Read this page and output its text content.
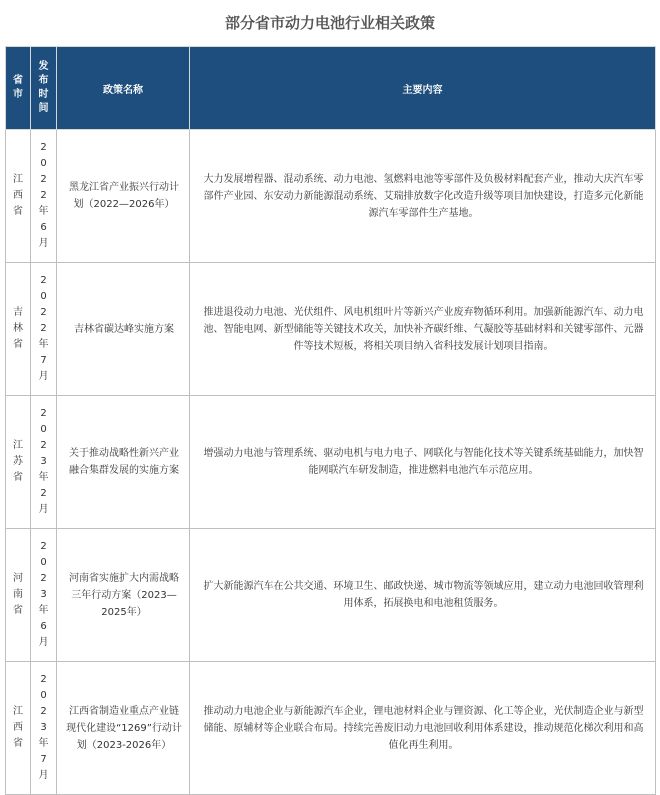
部分省市动力电池行业相关政策
省市	发布时间	政策名称	主要内容

江西省	2022年6月	黑龙江省产业振兴行动计划（2022—2026年）	大力发展增程器、混动系统、动力电池、氢燃料电池等零部件及负极材料配套产业，推动大庆汽车零部件产业园、东安动力新能源混动系统、艾瑞排放数字化改造升级等项目加快建设，打造多元化新能源汽车零部件生产基地。

吉林省	2022年7月	吉林省碳达峰实施方案	推进退役动力电池、光伏组件、风电机组叶片等新兴产业废弃物循环利用。加强新能源汽车、动力电池、智能电网、新型储能等关键技术攻关，加快补齐碳纤维、气凝胶等基础材料和关键零部件、元器件等技术短板，将相关项目纳入省科技发展计划项目指南。

江苏省	2023年2月	关于推动战略性新兴产业融合集群发展的实施方案	增强动力电池与管理系统、驱动电机与电力电子、网联化与智能化技术等关键系统基础能力，加快智能网联汽车研发制造，推进燃料电池汽车示范应用。

河南省	2023年6月	河南省实施扩大内需战略三年行动方案（2023—2025年）	扩大新能源汽车在公共交通、环境卫生、邮政快递、城市物流等领域应用，建立动力电池回收管理利用体系，拓展换电和电池租赁服务。

江西省	2023年7月	江西省制造业重点产业链现代化建设“1269”行动计划（2023-2026年）	推动动力电池企业与新能源汽车企业，锂电池材料企业与锂资源、化工等企业，光伏制造企业与新型储能、原辅材等企业联合布局。持续完善废旧动力电池回收利用体系建设，推动规范化梯次利用和高值化再生利用。
